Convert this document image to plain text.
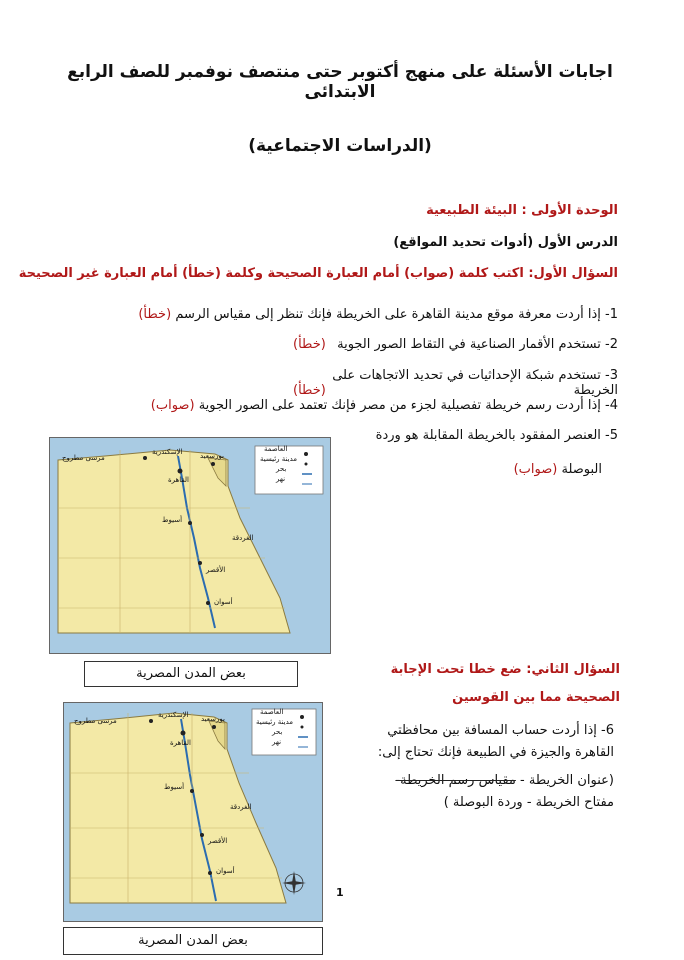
اجابات الأسئلة على منهج أكتوبر حتى منتصف نوفمبر للصف الرابع الابتدائى
(الدراسات الاجتماعية)
الوحدة الأولى : البيئة الطبيعية
الدرس الأول (أدوات تحديد المواقع)
السؤال الأول: اكتب كلمة (صواب) أمام العبارة الصحيحة وكلمة (خطأ) أمام العبارة غير الصحيحة
1- إذا أردت معرفة موقع مدينة القاهرة على الخريطة فإنك تنظر إلى مقياس الرسم (خطأ)
2- تستخدم الأقمار الصناعية في التقاط الصور الجوية
(خطأ)
3- تستخدم شبكة الإحداثيات في تحديد الاتجاهات على الخريطة
(خطأ)
4- إذا أردت رسم خريطة تفصيلية لجزء من مصر فإنك تعتمد على الصور الجوية (صواب)
5- العنصر المفقود بالخريطة المقابلة هو وردة
البوصلة (صواب)
العاصمة
مدينة رئيسية
بحر
نهر
مرسى مطروح
الإسكندرية بورسعيد
القاهرة
أسيوط
الغردقة
الأقصر
أسوان
بعض المدن المصرية	السؤال الثاني: ضع خطا تحت الإجابة الصحيحة مما بين القوسين
6- إذا أردت حساب المسافة بين محافظتي القاهرة والجيزة في الطبيعة فإنك تحتاج إلى:
(عنوان الخريطة - مقياس رسم الخريطة-
مفتاح الخريطة - وردة البوصلة )
العاصمة
مدينة رئيسية
بحر
نهر
مرسى مطروح
الإسكندرية بورسعيد
القاهرة
أسيوط
الغردقة
الأقصر
أسوان
بعض المدن المصرية
1
